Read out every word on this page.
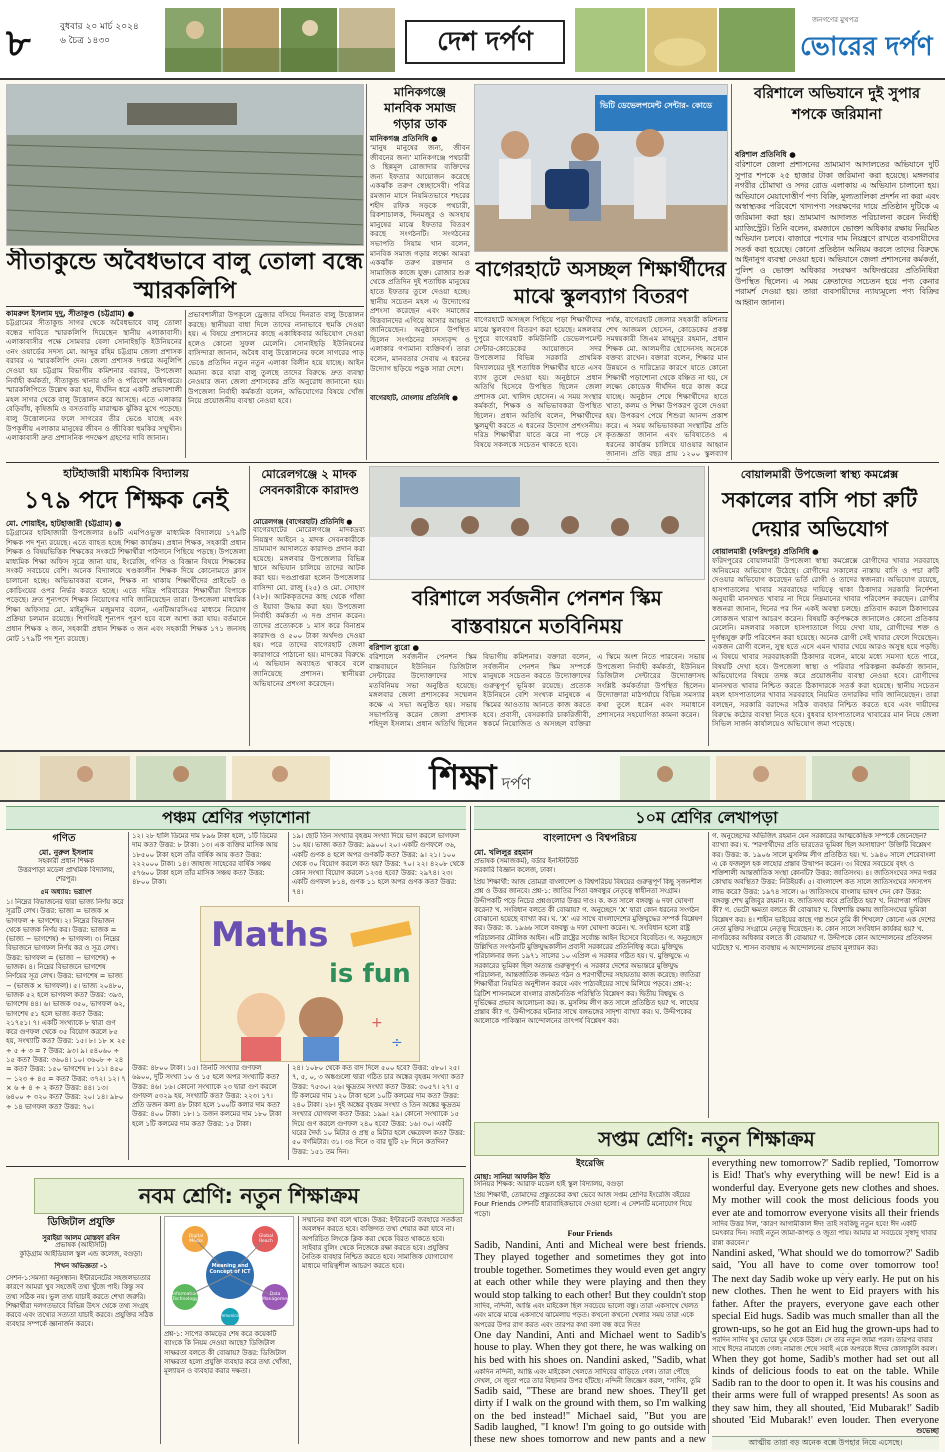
৮	বুধবার ২০ মার্চ ২০২৪
৬ চৈত্র ১৪৩০	দেশ দর্পণ
জনগণের মুখপত্র
ভোরের দর্পণ
সীতাকুন্ডে অবৈধভাবে বালু তোলা বন্ধে স্মারকলিপি
কামরুল ইসলাম দুদু, সীতাকুণ্ড (চট্টগ্রাম) ●
চট্টগ্রামের সীতাকুন্ড সাগর থেকে অবৈধভাবে বালু তোলা বন্ধের দাবিতে স্মারকলিপি দিয়েছেন স্থানীয় এলাকাবাসী। এলাকাবাসীর পক্ষে সোমবার বেলা সোনাইছড়ি ইউনিয়নের ৩নং ওয়ার্ডের সদস্য মো. আব্দুর রহিম চট্টগ্রাম জেলা প্রশাসক বরাবর এ স্মারকলিপি দেন। জেলা প্রশাসক দপ্তরে অনুলিপি দেওয়া হয় চট্টগ্রাম বিভাগীয় কমিশনার বরাবর, উপজেলা নির্বাহী কর্মকর্তা, সীতাকুন্ড থানার ওসি ও পরিবেশ অধিদপ্তরে। স্মারকলিপিতে উল্লেখ করা হয়, দীর্ঘদিন ধরে একটি প্রভাবশালী মহল সাগর থেকে বালু উত্তোলন করে আসছে। এতে এলাকার বেড়িবাঁধ, কৃষিজমি ও বসতবাড়ি মারাত্মক ঝুঁকির মুখে পড়েছে। বালু উত্তোলনের ফলে সাগরের তীর ভেঙে যাচ্ছে এবং উপকূলীয় এলাকার মানুষের জীবন ও জীবিকা হুমকির সম্মুখীন। এলাকাবাসী দ্রুত প্রশাসনিক পদক্ষেপ গ্রহণের দাবি জানান।
প্রভাবশালীরা উপকূলে ড্রেজার বসিয়ে দিনরাত বালু উত্তোলন করছে। স্থানীয়রা বাধা দিলে তাদের নানাভাবে হুমকি দেওয়া হয়। এ বিষয়ে প্রশাসনের কাছে একাধিকবার অভিযোগ দেওয়া হলেও কোনো সুফল মেলেনি। সোনাইছড়ি ইউনিয়নের বাসিন্দারা জানান, অবৈধ বালু উত্তোলনের ফলে সাগরের পাড় ভেঙে প্রতিদিন নতুন নতুন এলাকা বিলীন হয়ে যাচ্ছে। আইন অমান্য করে যারা বালু তুলছে তাদের বিরুদ্ধে দ্রুত ব্যবস্থা নেওয়ার জন্য জেলা প্রশাসকের প্রতি অনুরোধ জানানো হয়। উপজেলা নির্বাহী কর্মকর্তা বলেন, অভিযোগের বিষয়ে খোঁজ নিয়ে প্রয়োজনীয় ব্যবস্থা নেওয়া হবে।
মানিকগঞ্জে
মানবিক সমাজ গড়ার ডাক
মানিকগঞ্জ প্রতিনিধি ●
‘মানুষ মানুষের জন্য, জীবন জীবনের জন্য’ মানিকগঞ্জে পথচারী ও ছিন্নমূল রোজাদার ব্যক্তিদের জন্য ইফতার আয়োজন করেছে একঝাঁক তরুণ স্বেচ্ছাসেবী। পবিত্র রমজান মাসে নিয়মিতভাবে শহরের শহীদ রফিক সড়কে পথচারী, রিকশাচালক, দিনমজুর ও অসহায় মানুষের মাঝে ইফতার বিতরণ করছে সংগঠনটি। সংগঠনের সভাপতি সিয়াম খান বলেন, মানবিক সমাজ গড়ার লক্ষ্যে আমরা একঝাঁক তরুণ রক্তদান ও সামাজিক কাজে যুক্ত। রোজার শুরু থেকে প্রতিদিন দুই শতাধিক মানুষের হাতে ইফতার তুলে দেওয়া হচ্ছে। স্থানীয় সচেতন মহল এ উদ্যোগের প্রশংসা করেছেন এবং সমাজের বিত্তবানদের এগিয়ে আসার আহ্বান জানিয়েছেন। অনুষ্ঠানে উপস্থিত ছিলেন সংগঠনের সদস্যবৃন্দ ও এলাকার গণ্যমান্য ব্যক্তিবর্গ। তারা বলেন, মানবতার সেবায় এ ধরনের উদ্যোগ ছড়িয়ে পড়ুক সারা দেশে।
ভিটি ডেভেলপমেন্ট সেন্টার- কোডে
বাগেরহাটে অসচ্ছল শিক্ষার্থীদের মাঝে স্কুলব্যাগ বিতরণ
বাগেরহাট, মোংলায় প্রতিনিধি ●
বাগেরহাটে অসচ্ছল পিছিয়ে পড়া শিক্ষার্থীদের মাঝে স্কুলব্যাগ বিতরণ করা হয়েছে। মঙ্গলবার দুপুরে বাগেরহাট কমিউনিটি ডেভেলপমেন্ট সেন্টার-কোডেকের আয়োজনে সদর উপজেলার বিভিন্ন সরকারি প্রাথমিক বিদ্যালয়ের দুই শতাধিক শিক্ষার্থীর হাতে এসব ব্যাগ তুলে দেওয়া হয়। অনুষ্ঠানে প্রধান অতিথি হিসেবে উপস্থিত ছিলেন জেলা প্রশাসক মো. খালিদ হোসেন। এ সময় সংস্থার কর্মকর্তা, শিক্ষক ও অভিভাবকরা উপস্থিত ছিলেন। প্রধান অতিথি বলেন, শিক্ষার্থীদের স্কুলমুখী করতে এ ধরনের উদ্যোগ প্রশংসনীয়। দরিদ্র শিক্ষার্থীরা যাতে ঝরে না পড়ে সে বিষয়ে সকলকে সচেতন থাকতে হবে।
পর্যন্ত, বাগেরহাট জেলার সহকারী কমিশনার শেখ আজমল হোসেন, কোডেকের প্রকল্প সমন্বয়কারী জিএম মাহমুদুর রহমান, প্রধান শিক্ষক মো. আলমগীর হোসেনসহ অনেকে বক্তব্য রাখেন। বক্তারা বলেন, শিক্ষার মান উন্নয়নে ও দারিদ্র্যের কারণে যাতে কোনো শিক্ষার্থী পড়াশোনা থেকে বঞ্চিত না হয়, সে লক্ষ্যে কোডেক দীর্ঘদিন ধরে কাজ করে যাচ্ছে। অনুষ্ঠান শেষে শিক্ষার্থীদের হাতে খাতা, কলম ও শিক্ষা উপকরণ তুলে দেওয়া হয়। উপকরণ পেয়ে শিশুরা আনন্দ প্রকাশ করে। এ সময় অভিভাবকরা সংস্থাটির প্রতি কৃতজ্ঞতা জানান এবং ভবিষ্যতেও এ ধরনের কার্যক্রম চালিয়ে যাওয়ার আহ্বান জানান। প্রতি বছর প্রায় ১২০০ স্কুলব্যাগ
বরিশালে অভিযানে দুই সুপার শপকে জরিমানা
বরিশাল প্রতিনিধি ●
বরিশালে জেলা প্রশাসনের ভ্রাম্যমাণ আদালতের অভিযানে দুটি সুপার শপকে ২৫ হাজার টাকা জরিমানা করা হয়েছে। মঙ্গলবার নগরীর চৌমাথা ও সদর রোড এলাকায় এ অভিযান চালানো হয়। অভিযানে মেয়াদোত্তীর্ণ পণ্য বিক্রি, মূল্যতালিকা প্রদর্শন না করা এবং অস্বাস্থ্যকর পরিবেশে খাদ্যপণ্য সংরক্ষণের দায়ে প্রতিষ্ঠান দুটিকে এ জরিমানা করা হয়। ভ্রাম্যমাণ আদালত পরিচালনা করেন নির্বাহী ম্যাজিস্ট্রেট। তিনি বলেন, রমজানে ভোক্তা অধিকার রক্ষায় নিয়মিত অভিযান চলবে। বাজারে পণ্যের দাম নিয়ন্ত্রণে রাখতে ব্যবসায়ীদের সতর্ক করা হয়েছে। কোনো প্রতিষ্ঠান অনিয়ম করলে তাদের বিরুদ্ধে আইনানুগ ব্যবস্থা নেওয়া হবে। অভিযানে জেলা প্রশাসনের কর্মকর্তা, পুলিশ ও ভোক্তা অধিকার সংরক্ষণ অধিদপ্তরের প্রতিনিধিরা উপস্থিত ছিলেন। এ সময় ক্রেতাদের সচেতন হয়ে পণ্য কেনার পরামর্শ দেওয়া হয়। তারা ব্যবসায়ীদের ন্যায্যমূল্যে পণ্য বিক্রির আহ্বান জানান।
হাটহাজারী মাধ্যমিক বিদ্যালয়
১৭৯ পদে শিক্ষক নেই
মো. শোয়াইব, হাটহাজারী (চট্টগ্রাম) ●
চট্টগ্রামের হাটহাজারী উপজেলার ৪৬টি এমপিওভুক্ত মাধ্যমিক বিদ্যালয়ে ১৭৯টি শিক্ষক পদ শূন্য রয়েছে। এতে ব্যাহত হচ্ছে শিক্ষা কার্যক্রম। প্রধান শিক্ষক, সহকারী প্রধান শিক্ষক ও বিষয়ভিত্তিক শিক্ষকের সংকটে শিক্ষার্থীরা পাঠদানে পিছিয়ে পড়ছে। উপজেলা মাধ্যমিক শিক্ষা অফিস সূত্রে জানা যায়, ইংরেজি, গণিত ও বিজ্ঞান বিষয়ে শিক্ষকের সংকট সবচেয়ে বেশি। অনেক বিদ্যালয়ে খণ্ডকালীন শিক্ষক দিয়ে কোনোমতে ক্লাস চালানো হচ্ছে। অভিভাবকরা বলেন, শিক্ষক না থাকায় শিক্ষার্থীদের প্রাইভেট ও কোচিংয়ের ওপর নির্ভর করতে হচ্ছে। এতে দরিদ্র পরিবারের শিক্ষার্থীরা বিপাকে পড়েছে। দ্রুত শূন্যপদে শিক্ষক নিয়োগের দাবি জানিয়েছেন তারা। উপজেলা মাধ্যমিক শিক্ষা অফিসার মো. মাইনুদ্দিন মজুমদার বলেন, এনটিআরসিএর মাধ্যমে নিয়োগ প্রক্রিয়া চলমান রয়েছে। শিগগিরই শূন্যপদ পূরণ হবে বলে আশা করা যায়। বর্তমানে প্রধান শিক্ষক ২ জন, সহকারী প্রধান শিক্ষক ৩ জন এবং সহকারী শিক্ষক ১৭১ জনসহ মোট ১৭৯টি পদ শূন্য রয়েছে।
মোরেলগঞ্জে ২ মাদক সেবনকারীকে কারাদণ্ড
মোরেলগঞ্জ (বাগেরহাট) প্রতিনিধি ●
বাগেরহাটের মোরেলগঞ্জে মাদকদ্রব্য নিয়ন্ত্রণ আইনে ২ মাদক সেবনকারীকে ভ্রাম্যমাণ আদালতে কারাদণ্ড প্রদান করা হয়েছে। মঙ্গলবার উপজেলার বিভিন্ন স্থানে অভিযান চালিয়ে তাদের আটক করা হয়। দণ্ডপ্রাপ্তরা হলেন উপজেলার বাসিন্দা মো. রাজু (২৫) ও মো. সোহাগ (২৮)। আটককৃতদের কাছ থেকে গাঁজা ও ইয়াবা উদ্ধার করা হয়। উপজেলা নির্বাহী কর্মকর্তা এ দণ্ড প্রদান করেন। তাদের প্রত্যেককে ১ মাস করে বিনাশ্রম কারাদণ্ড ও ৫০০ টাকা অর্থদণ্ড দেওয়া হয়। পরে তাদের বাগেরহাট জেলা কারাগারে পাঠানো হয়। মাদকের বিরুদ্ধে এ অভিযান অব্যাহত থাকবে বলে জানিয়েছে প্রশাসন। স্থানীয়রা অভিযানের প্রশংসা করেছেন।
বোয়ালমারী উপজেলা স্বাস্থ্য কমপ্লেক্স
সকালের বাসি পচা রুটি দেয়ার অভিযোগ
বোয়ালমারী (ফরিদপুর) প্রতিনিধি ●
ফরিদপুরের বোয়ালমারী উপজেলা স্বাস্থ্য কমপ্লেক্সে রোগীদের খাবার সরবরাহে অনিয়মের অভিযোগ উঠেছে। রোগীদের সকালের নাস্তায় বাসি ও পচা রুটি দেওয়ার অভিযোগ করেছেন ভর্তি রোগী ও তাদের স্বজনরা। অভিযোগ রয়েছে, হাসপাতালের খাবার সরবরাহের দায়িত্বে থাকা ঠিকাদার সরকারি নির্দেশনা অনুযায়ী মানসম্মত খাবার না দিয়ে নিম্নমানের খাবার পরিবেশন করছেন। রোগীর স্বজনরা জানান, দিনের পর দিন একই অবস্থা চলছে। প্রতিবাদ করলে ঠিকাদারের লোকজন খারাপ আচরণ করেন। বিষয়টি কর্তৃপক্ষকে জানালেও কোনো প্রতিকার মেলেনি। মঙ্গলবার সকালে হাসপাতালে গিয়ে দেখা যায়, রোগীদের শক্ত ও দুর্গন্ধযুক্ত রুটি পরিবেশন করা হয়েছে। অনেক রোগী সেই খাবার ফেলে দিয়েছেন। একজন রোগী বলেন, সুস্থ হতে এসে এমন খাবার খেয়ে আরও অসুস্থ হয়ে পড়ছি। এ বিষয়ে খাবার সরবরাহকারী ঠিকাদার বলেন, মাঝে মধ্যে সমস্যা হতে পারে, বিষয়টি দেখা হবে। উপজেলা স্বাস্থ্য ও পরিবার পরিকল্পনা কর্মকর্তা জানান, অভিযোগের বিষয়ে তদন্ত করে প্রয়োজনীয় ব্যবস্থা নেওয়া হবে। রোগীদের মানসম্মত খাবার নিশ্চিত করতে ঠিকাদারকে সতর্ক করা হয়েছে। স্থানীয় সচেতন মহল হাসপাতালের খাবার সরবরাহে নিয়মিত তদারকির দাবি জানিয়েছেন। তারা বলছেন, সরকারি বরাদ্দের সঠিক ব্যবহার নিশ্চিত করতে হবে এবং দায়ীদের বিরুদ্ধে কঠোর ব্যবস্থা নিতে হবে। বুধবার হাসপাতালের খাবারের মান নিয়ে জেলা সিভিল সার্জন কার্যালয়েও অভিযোগ জমা পড়েছে।
বরিশালে সর্বজনীন পেনশন স্কিম বাস্তবায়নে মতবিনিময়
বরিশাল ব্যুরো ●
বরিশালে সর্বজনীন পেনশন স্কিম বাস্তবায়নে ইউনিয়ন ডিজিটাল সেন্টারের উদ্যোক্তাদের সাথে মতবিনিময় সভা অনুষ্ঠিত হয়েছে। মঙ্গলবার জেলা প্রশাসকের সম্মেলন কক্ষে এ সভা অনুষ্ঠিত হয়। সভায় সভাপতিত্ব করেন জেলা প্রশাসক শহিদুল ইসলাম। প্রধান অতিথি ছিলেন বিভাগীয় কমিশনার। বক্তারা বলেন, সর্বজনীন পেনশন স্কিম সম্পর্কে মানুষকে সচেতন করতে উদ্যোক্তাদের গুরুত্বপূর্ণ ভূমিকা রয়েছে। প্রত্যেক ইউনিয়নে বেশি সংখ্যক মানুষকে এ স্কিমের আওতায় আনতে কাজ করতে হবে। প্রবাসী, বেসরকারি চাকরিজীবী, স্বকর্মে নিয়োজিত ও অসচ্ছল ব্যক্তিরা এ স্কিমে অংশ নিতে পারবেন। সভায় উপজেলা নির্বাহী কর্মকর্তা, ইউনিয়ন ডিজিটাল সেন্টারের উদ্যোক্তাসহ সংশ্লিষ্ট কর্মকর্তারা উপস্থিত ছিলেন। উদ্যোক্তারা মাঠপর্যায়ে বিভিন্ন সমস্যার কথা তুলে ধরেন এবং সমাধানে প্রশাসনের সহযোগিতা কামনা করেন।
শিক্ষা দর্পণ
পঞ্চম শ্রেণির পড়াশোনা
গণিত
মো. নুরুল ইসলাম
সহকারী প্রধান শিক্ষক
উত্তরপাড়া মডেল প্রাথমিক বিদ্যালয়, শেরপুর।
৫ম অধ্যায়: ভগ্নাংশ
১। নিম্নের বিভাজনের দ্বারা ভাজ্য নির্ণয় করে সূত্রটি লেখ। উত্তর: ভাজ্য = ভাজক × ভাগফল + ভাগশেষ। ২। নিম্নের বিভাজন থেকে ভাজক নির্ণয় কর। উত্তর: ভাজক = (ভাজ্য − ভাগশেষ) ÷ ভাগফল। ৩। নিম্নের বিভাজনে ভাগফল নির্ণয় কর ও সূত্র লেখ। উত্তর: ভাগফল = (ভাজ্য − ভাগশেষ) ÷ ভাজক। ৪। নিম্নের বিভাজনে ভাগশেষ নির্ণয়ের সূত্র লেখ। উত্তর: ভাগশেষ = ভাজ্য − (ভাজক × ভাগফল)। ৫। ভাজ্য ২০৪৮০, ভাজক ৫২ হলে ভাগফল কত? উত্তর: ৩৯৩, ভাগশেষ ৪৪। ৬। ভাজক ৩৫০, ভাগফল ৬২, ভাগশেষ ৫১ হলে ভাজ্য কত? উত্তর: ২১৭৫১। ৭। একটি সংখ্যাকে ৮ দ্বারা গুণ করে গুণফল থেকে ৩৫ বিয়োগ করলে ৮৫ হয়, সংখ্যাটি কত? উত্তর: ১৫। ৮। ১৮ × ২৫ ÷ ৫ + ৩ = ? উত্তর: ৯৩। ৯। ৫৪০৬০ ÷ ১৫ কত? উত্তর: ৩৬০৪। ১০। ৩৬০৮ ÷ ২৪ = কত? উত্তর: ১৫০ ভাগশেষ ৮। ১১। ৪৫০ − ১২৩ + ৪৫ = কত? উত্তর: ৩৭২। ১২। ৭ × ৬ + ৪ ÷ ২ কত? উত্তর: ৪৪। ১৩। ৬৪০০ ÷ ৩২০ কত? উত্তর: ২০। ১৪। ৯৮০ ÷ ১৪ ভাগফল কত? উত্তর: ৭০।
১২। ২৮ হালি ডিমের দাম ৮৯৬ টাকা হলে, ১টি ডিমের দাম কত? উত্তর: ৮ টাকা। ১৩। এক ব্যক্তির মাসিক আয় ১৮৫০০ টাকা হলে তাঁর বার্ষিক আয় কত? উত্তর: ২২২০০০ টাকা। ১৪। জাহাজ সাহেবের বার্ষিক সঞ্চয় ৫৭৬০০ টাকা হলে তাঁর মাসিক সঞ্চয় কত? উত্তর: ৪৮০০ টাকা।
১৯। ছোট তিন সংখ্যার বৃহত্তম সংখ্যা দিয়ে ভাগ করলে ভাগফল ১০ হয়। ভাজ্য কত? উত্তর: ৯৯০০। ২০। একটি গুণফলে ৩৬, একটি গুণক ৪ হলে অপর গুণকটি কত? উত্তর: ৯। ২১। ১০০ থেকে ৩০ বিয়োগ করলে কত হয়? উত্তর: ৭০। ২২। ৪২০৮ থেকে কোন সংখ্যা বিয়োগ করলে ১২৩৪ হবে? উত্তর: ২৯৭৪। ২৩। একটি গুণফল ৮১৪, গুণক ১১ হলে অপর গুণক কত? উত্তর: ৭৪।
+
÷
Maths
is fun
উত্তর: ৪৮০০ টাকা। ১৫। তিনটি সংখ্যার গুণফল ৬৯০০, দুটি সংখ্যা ১০ ও ১৫ হলে অপর সংখ্যাটি কত? উত্তর: ৪৬। ১৬। কোনো সংখ্যাকে ২৩ দ্বারা গুণ করলে গুণফল ৫৩২৯ হয়, সংখ্যাটি কত? উত্তর: ২২৩। ১৭। প্রতি ডজন কলা ৪৮ টাকা হলে ১০০টি কলার দাম কত? উত্তর: ৪০০ টাকা। ১৮। ১ ডজন কলমের দাম ১৮০ টাকা হলে ১টি কলমের দাম কত? উত্তর: ১৫ টাকা।
২৪। ১০৮০ থেকে কত বাদ দিলে ৫০০ হবে? উত্তর: ৫৮০। ২৫। ৭, ৫, ০, ৩ অঙ্কগুলো দ্বারা গঠিত চার অঙ্কের বৃহত্তম সংখ্যা কত? উত্তর: ৭৫৩০। ২৬। ক্ষুদ্রতম সংখ্যা কত? উত্তর: ৩০৫৭। ২৭। ৫ টি কলমের দাম ১২০ টাকা হলে ১০টি কলমের দাম কত? উত্তর: ২৪০ টাকা। ২৮। দুই অঙ্কের বৃহত্তম সংখ্যা ও তিন অঙ্কের ক্ষুদ্রতম সংখ্যার যোগফল কত? উত্তর: ১৯৯। ২৯। কোনো সংখ্যাকে ১৫ দিয়ে গুণ করলে গুণফল ২৪০ হবে? উত্তর: ১৬। ৩০। একটি ঘরের দৈর্ঘ্য ১০ মিটার ও প্রস্থ ৫ মিটার হলে ক্ষেত্রফল কত? উত্তর: ৫০ বর্গমিটার। ৩১। ৩৪ দিনে ৩ বার ছুটি ২৮ দিনে কতদিন? উত্তর: ১৫১ তম দিন।
১০ম শ্রেণির লেখাপড়া
বাংলাদেশ ও বিশ্বপরিচয়
মো. খলিলুর রহমান
প্রভাষক (সমাজকর্ম), বর্ডার ইনস্টিটিউট
সরকারি বিজ্ঞান কলেজ, ঢাকা।
প্রিয় শিক্ষার্থী: আজ তোমরা বাংলাদেশ ও বিশ্বপরিচয় বিষয়ের গুরুত্বপূর্ণ কিছু সৃজনশীল প্রশ্ন ও উত্তর জানবে। প্রশ্ন-১: জাতির পিতা বঙ্গবন্ধুর নেতৃত্বে স্বাধীনতা সংগ্রাম। উদ্দীপকটি পড়ে নিচের প্রশ্নগুলোর উত্তর দাও। ক. কত সালে বঙ্গবন্ধু ৬ দফা ঘোষণা করেন? খ. সংবিধান বলতে কী বোঝায়? গ. অনুচ্ছেদে ‘X’ দ্বারা কোন ধরনের সংগঠন বোঝানো হয়েছে ব্যাখ্যা কর। ঘ. ‘X’ এর সাথে বাংলাদেশের মুক্তিযুদ্ধের সম্পর্ক বিশ্লেষণ কর। উত্তর: ক. ১৯৬৬ সালে বঙ্গবন্ধু ৬ দফা ঘোষণা করেন। খ. সংবিধান হলো রাষ্ট্র পরিচালনার মৌলিক আইন। এটি রাষ্ট্রের সর্বোচ্চ আইন হিসেবে বিবেচিত। গ. অনুচ্ছেদে উল্লিখিত সংগঠনটি মুক্তিযুদ্ধকালীন প্রবাসী সরকারের প্রতিনিধিত্ব করে। মুক্তিযুদ্ধ পরিচালনার জন্য ১৯৭১ সালের ১০ এপ্রিল এ সরকার গঠিত হয়। ঘ. মুক্তিযুদ্ধে এ সরকারের ভূমিকা ছিল অত্যন্ত গুরুত্বপূর্ণ। এ সরকার দেশের অভ্যন্তরে মুক্তিযুদ্ধ পরিচালনা, আন্তর্জাতিক জনমত গঠন ও শরণার্থীদের সহায়তায় কাজ করেছে। জাতিরা শিক্ষার্থীরা নিয়মিত অনুশীলন করবে এবং পাঠ্যবইয়ের সাথে মিলিয়ে পড়বে। প্রশ্ন-২: ব্রিটিশ শাসনামলে বাংলার রাজনৈতিক পরিস্থিতি বিশ্লেষণ কর। দ্বিতীয় বিশ্বযুদ্ধ ও দুর্ভিক্ষের প্রভাব আলোচনা কর। ক. মুসলিম লীগ কত সালে প্রতিষ্ঠিত হয়? খ. লাহোর প্রস্তাব কী? গ. উদ্দীপকের ঘটনার সাথে বঙ্গভঙ্গের সাদৃশ্য ব্যাখ্যা কর। ঘ. উদ্দীপকের আলোকে পাকিস্তান আন্দোলনের তাৎপর্য বিশ্লেষণ কর।
গ. অনুচ্ছেদের অভিজিৎ রহমান যেন সরকারের আত্মকেন্দ্রিক সম্পর্কে জেনেছেন? ব্যাখ্যা কর। ঘ. ‘শরণার্থীদের প্রতি ভারতের ভূমিকা ছিল অসাধারণ’ উক্তিটি বিশ্লেষণ কর। উত্তর: ক. ১৯০৬ সালে মুসলিম লীগ প্রতিষ্ঠিত হয়। খ. ১৯৪০ সালে শেরেবাংলা এ কে ফজলুল হক লাহোর প্রস্তাব উত্থাপন করেন। ৩। বিশ্বের সবচেয়ে বৃহৎ ও শক্তিশালী আন্তর্জাতিক সংস্থা কোনটি? উত্তর: জাতিসংঘ। ৪। জাতিসংঘের সদর দপ্তর কোথায় অবস্থিত? উত্তর: নিউইয়র্ক। ৫। বাংলাদেশ কত সালে জাতিসংঘের সদস্যপদ লাভ করে? উত্তর: ১৯৭৪ সালে। ৬। জাতিসংঘে বাংলায় ভাষণ দেন কে? উত্তর: বঙ্গবন্ধু শেখ মুজিবুর রহমান। ক. জাতিসংঘ কবে প্রতিষ্ঠিত হয়? খ. নিরাপত্তা পরিষদ কী? গ. ভেটো ক্ষমতা বলতে কী বোঝায়? ঘ. বিশ্বশান্তি রক্ষায় জাতিসংঘের ভূমিকা বিশ্লেষণ কর। ৪। শাহীন ভাইয়ের কাছে গল্প শুনে তুমি কী শিখলে? কোনো এক দেশের নেতা মুক্তির সংগ্রামে নেতৃত্ব দিয়েছেন। ক. কোন সালে সংবিধান কার্যকর হয়? খ. নাগরিকের অধিকার বলতে কী বোঝায়? গ. উদ্দীপকে কোন আন্দোলনের প্রতিফলন ঘটেছে? ঘ. শাসন ব্যবস্থায় এ আন্দোলনের প্রভাব মূল্যায়ন কর।
সপ্তম শ্রেণি: নতুন শিক্ষাক্রম
ইংরেজি
মোছা: সানিয়া আফরিন ইতি
সিনিয়র শিক্ষক: আরাফ মডেল হাই স্কুল বিদ্যালয়, বগুড়া
প্রিয় শিক্ষার্থী, তোমাদের প্রস্তুতকের কথা ভেবে আজ সপ্তম শ্রেণির ইংরেজি বইয়ের Four Friends সেশনটি ধারাবাহিকভাবে দেওয়া হলো। এ সেশনটি মনোযোগ দিয়ে পড়ো।
Four Friends
Sadib, Nandini, Anti and Micheal were best friends. They played together and sometimes they got into trouble together. Sometimes they would even get angry at each other while they were playing and then they would stop talking to each other! But they couldn't stop
সাদিব, নন্দিনী, আন্তি এবং মাইকেল ছিল সবচেয়ে ভালো বন্ধু। তারা একসাথে খেলত এবং মাঝে মাঝে একসাথে ঝামেলায় পড়ত। কখনো কখনো খেলার সময় তারা একে অপরের উপর রাগ করত এবং তারপর কথা বলা বন্ধ করে দিত!
One day Nandini, Anti and Michael went to Sadib's house to play. When they got there, he was walking on his bed with his shoes on. Nandini asked, "Sadib, what
একদিন নন্দিনী, আন্তি এবং মাইকেল খেলতে সাদিবের বাড়িতে গেল। তারা পৌঁছে দেখল, সে জুতা পরে তার বিছানার উপর হাঁটছে। নন্দিনী জিজ্ঞেস করল, "সাদিব, তুমি
Sadib said, "These are brand new shoes. They'll get dirty if I walk on the ground with them, so I'm walking on the bed instead!" Michael said, "But you are
Sadib laughed, "I know! I'm going to go outside with these new shoes tomorrow and new pants and a new
everything new tomorrow?' Sadib replied, 'Tomorrow is Eid! That's why everything will be new! Eid is a wonderful day. Everyone gets new clothes and shoes. My mother will cook the most delicious foods you ever ate and tomorrow everyone visits all their friends
সাদিব উত্তর দিল, 'কারণ আগামীকাল ঈদ! তাই সবকিছু নতুন হবে! ঈদ একটি চমৎকার দিন। সবাই নতুন জামা-কাপড় ও জুতা পায়। আমার মা সবচেয়ে সুস্বাদু খাবার রান্না করবেন।'
Nandini asked, 'What should we do tomorrow?' Sadib said, 'You all have to come over tomorrow too!
The next day Sadib woke up very early. He put on his new clothes. Then he went to Eid prayers with his father. After the prayers, everyone gave each other special Eid hugs. Sadib was much smaller than all the grown-ups, so he got an Eid hug the grown-ups had to
পরদিন সাদিব খুব ভোরে ঘুম থেকে উঠল। সে তার নতুন জামা পরল। তারপর বাবার সাথে ঈদের নামাজে গেল। নামাজ শেষে সবাই একে অপরকে ঈদের কোলাকুলি করল।
When they got home, Sadib's mother had set out all kinds of delicious foods to eat on the table. While
Sadib ran to the door to open it. It was his cousins and their arms were full of wrapped presents! As soon as they saw him, they all shouted, 'Eid Mubarak!' Sadib shouted 'Eid Mubarak!' even louder. Then everyone
শুভেচ্ছা
আত্মীয় তারা বড় অনেক বক্সে উপহার নিয়ে এসেছে।
নবম শ্রেণি: নতুন শিক্ষাক্রম
ডিজিটাল প্রযুক্তি
সুরাইয়া আলম মোস্তফা রবিন
প্রভাষক (আইসিটি)
কুড়িগ্রাম আইডিয়াল স্কুল এন্ড কলেজ, বগুড়া।
শিখন অভিজ্ঞতা -১
সেশন-১:সমস্যা অনুসন্ধান। ইন্টারনেটের সহজলভ্যতার কারণে আমরা খুব সহজেই তথ্য খুঁজে পাই। কিন্তু সব তথ্য সঠিক নয়। ভুল তথ্য যাচাই করতে শেখা জরুরি। শিক্ষার্থীরা দলগতভাবে বিভিন্ন উৎস থেকে তথ্য সংগ্রহ করবে এবং তথ্যের সত্যতা যাচাই করবে। প্রযুক্তির সঠিক ব্যবহার সম্পর্কে জ্ঞানার্জন করবে।
Digital Media
Global Reach
Data Management
Information Technology
Communication
Meaning and Concept of ICT
প্রশ্ন-১: সাপের কামড়ের শেষ করে কয়েকটি ব্যাংকে কি নিয়ম দেওয়া আছে? ডিজিটাল সাক্ষরতা বলতে কী বোঝায়? উত্তর: ডিজিটাল সাক্ষরতা হলো প্রযুক্তি ব্যবহার করে তথ্য খোঁজা, মূল্যায়ন ও ব্যবহার করার দক্ষতা।
সম্মানের কথা বলে থাকে। উত্তর: ইন্টারনেট ব্যবহারে সতর্কতা অবলম্বন করতে হবে। ব্যক্তিগত তথ্য শেয়ার করা যাবে না। অপরিচিত লিংকে ক্লিক করা থেকে বিরত থাকতে হবে। সাইবার বুলিং থেকে নিজেকে রক্ষা করতে হবে। প্রযুক্তির নৈতিক ব্যবহার নিশ্চিত করতে হবে। সামাজিক যোগাযোগ মাধ্যমে দায়িত্বশীল আচরণ করতে হবে।
